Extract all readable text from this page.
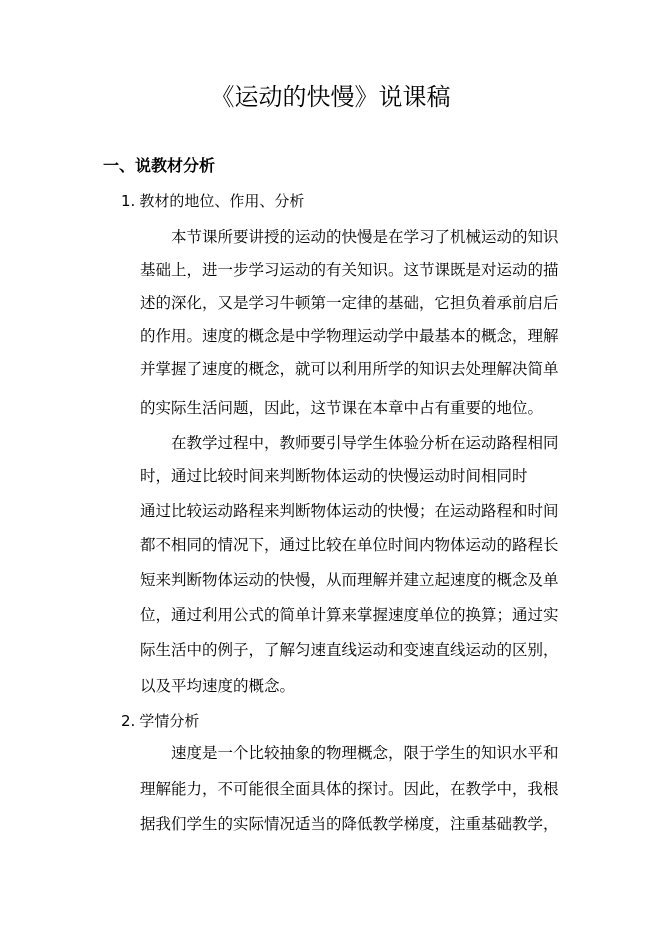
《运动的快慢》说课稿
一、说教材分析
1. 教材的地位、作用、分析
本节课所要讲授的运动的快慢是在学习了机械运动的知识
基础上，进一步学习运动的有关知识。这节课既是对运动的描
述的深化，又是学习牛顿第一定律的基础，它担负着承前启后
的作用。速度的概念是中学物理运动学中最基本的概念，理解
并掌握了速度的概念，就可以利用所学的知识去处理解决简单
的实际生活问题，因此，这节课在本章中占有重要的地位。
在教学过程中，教师要引导学生体验分析在运动路程相同
时，通过比较时间来判断物体运动的快慢运动时间相同时
通过比较运动路程来判断物体运动的快慢；在运动路程和时间
都不相同的情况下，通过比较在单位时间内物体运动的路程长
短来判断物体运动的快慢，从而理解并建立起速度的概念及单
位，通过利用公式的简单计算来掌握速度单位的换算；通过实
际生活中的例子，了解匀速直线运动和变速直线运动的区别，
以及平均速度的概念。
2. 学情分析
速度是一个比较抽象的物理概念，限于学生的知识水平和
理解能力，不可能很全面具体的探讨。因此，在教学中，我根
据我们学生的实际情况适当的降低教学梯度，注重基础教学，
